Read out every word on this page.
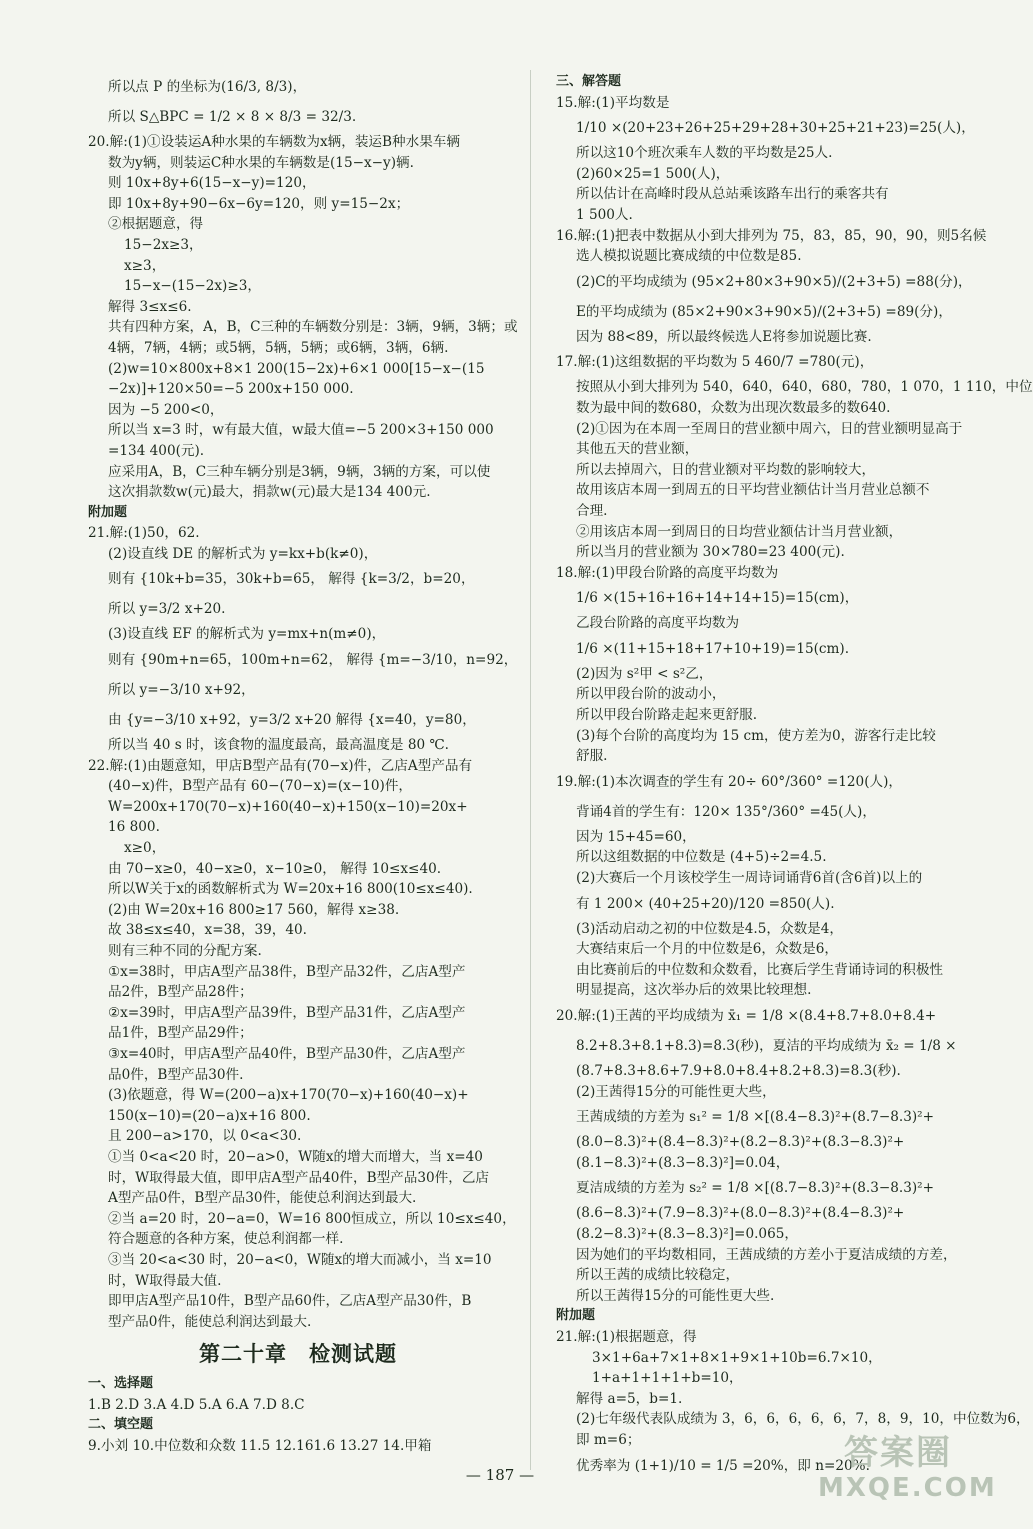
所以点 P 的坐标为(16/3, 8/3)，
所以 S△BPC = 1/2 × 8 × 8/3 = 32/3.
20.解:(1)①设装运A种水果的车辆数为x辆，装运B种水果车辆
数为y辆，则装运C种水果的车辆数是(15−x−y)辆.
则 10x+8y+6(15−x−y)=120，
即 10x+8y+90−6x−6y=120，则 y=15−2x；
②根据题意，得
15−2x≥3，
x≥3，
15−x−(15−2x)≥3，
解得 3≤x≤6.
共有四种方案，A，B，C三种的车辆数分别是：3辆，9辆，3辆；或
4辆，7辆，4辆；或5辆，5辆，5辆；或6辆，3辆，6辆.
(2)w=10×800x+8×1 200(15−2x)+6×1 000[15−x−(15
−2x)]+120×50=−5 200x+150 000.
因为 −5 200<0，
所以当 x=3 时，w有最大值，w最大值=−5 200×3+150 000
=134 400(元).
应采用A，B，C三种车辆分别是3辆，9辆，3辆的方案，可以使
这次捐款数w(元)最大，捐款w(元)最大是134 400元.
附加题
21.解:(1)50，62.
(2)设直线 DE 的解析式为 y=kx+b(k≠0)，
则有 {10k+b=35，30k+b=65， 解得 {k=3/2，b=20，
所以 y=3/2 x+20.
(3)设直线 EF 的解析式为 y=mx+n(m≠0)，
则有 {90m+n=65，100m+n=62， 解得 {m=−3/10，n=92，
所以 y=−3/10 x+92，
由 {y=−3/10 x+92，y=3/2 x+20 解得 {x=40，y=80，
所以当 40 s 时，该食物的温度最高，最高温度是 80 ℃.
22.解:(1)由题意知，甲店B型产品有(70−x)件，乙店A型产品有
(40−x)件，B型产品有 60−(70−x)=(x−10)件，
W=200x+170(70−x)+160(40−x)+150(x−10)=20x+
16 800.
x≥0，
由 70−x≥0，40−x≥0，x−10≥0， 解得 10≤x≤40.
所以W关于x的函数解析式为 W=20x+16 800(10≤x≤40).
(2)由 W=20x+16 800≥17 560，解得 x≥38.
故 38≤x≤40，x=38，39，40.
则有三种不同的分配方案.
①x=38时，甲店A型产品38件，B型产品32件，乙店A型产
品2件，B型产品28件；
②x=39时，甲店A型产品39件，B型产品31件，乙店A型产
品1件，B型产品29件；
③x=40时，甲店A型产品40件，B型产品30件，乙店A型产
品0件，B型产品30件.
(3)依题意，得 W=(200−a)x+170(70−x)+160(40−x)+
150(x−10)=(20−a)x+16 800.
且 200−a>170，以 0<a<30.
①当 0<a<20 时，20−a>0，W随x的增大而增大，当 x=40
时，W取得最大值，即甲店A型产品40件，B型产品30件，乙店
A型产品0件，B型产品30件，能使总利润达到最大.
②当 a=20 时，20−a=0，W=16 800恒成立，所以 10≤x≤40，
符合题意的各种方案，使总利润都一样.
③当 20<a<30 时，20−a<0，W随x的增大而减小，当 x=10
时，W取得最大值.
即甲店A型产品10件，B型产品60件，乙店A型产品30件，B
型产品0件，能使总利润达到最大.
第二十章　检测试题
一、选择题
1.B 2.D 3.A 4.D 5.A 6.A 7.D 8.C
二、填空题
9.小刘 10.中位数和众数 11.5 12.161.6 13.27 14.甲箱
三、解答题
15.解:(1)平均数是
1/10 ×(20+23+26+25+29+28+30+25+21+23)=25(人)，
所以这10个班次乘车人数的平均数是25人.
(2)60×25=1 500(人)，
所以估计在高峰时段从总站乘该路车出行的乘客共有
1 500人.
16.解:(1)把表中数据从小到大排列为 75，83，85，90，90，则5名候
选人模拟说题比赛成绩的中位数是85.
(2)C的平均成绩为 (95×2+80×3+90×5)/(2+3+5) =88(分)，
E的平均成绩为 (85×2+90×3+90×5)/(2+3+5) =89(分)，
因为 88<89，所以最终候选人E将参加说题比赛.
17.解:(1)这组数据的平均数为 5 460/7 =780(元)，
按照从小到大排列为 540，640，640，680，780，1 070，1 110，中位
数为最中间的数680，众数为出现次数最多的数640.
(2)①因为在本周一至周日的营业额中周六，日的营业额明显高于
其他五天的营业额，
所以去掉周六，日的营业额对平均数的影响较大，
故用该店本周一到周五的日平均营业额估计当月营业总额不
合理.
②用该店本周一到周日的日均营业额估计当月营业额，
所以当月的营业额为 30×780=23 400(元).
18.解:(1)甲段台阶路的高度平均数为
1/6 ×(15+16+16+14+14+15)=15(cm)，
乙段台阶路的高度平均数为
1/6 ×(11+15+18+17+10+19)=15(cm).
(2)因为 s²甲 < s²乙，
所以甲段台阶的波动小，
所以甲段台阶路走起来更舒服.
(3)每个台阶的高度均为 15 cm，使方差为0，游客行走比较
舒服.
19.解:(1)本次调查的学生有 20÷ 60°/360° =120(人)，
背诵4首的学生有：120× 135°/360° =45(人)，
因为 15+45=60，
所以这组数据的中位数是 (4+5)÷2=4.5.
(2)大赛后一个月该校学生一周诗词诵背6首(含6首)以上的
有 1 200× (40+25+20)/120 =850(人).
(3)活动启动之初的中位数是4.5，众数是4，
大赛结束后一个月的中位数是6，众数是6，
由比赛前后的中位数和众数看，比赛后学生背诵诗词的积极性
明显提高，这次举办后的效果比较理想.
20.解:(1)王茜的平均成绩为 x̄₁ = 1/8 ×(8.4+8.7+8.0+8.4+
8.2+8.3+8.1+8.3)=8.3(秒)，夏洁的平均成绩为 x̄₂ = 1/8 ×
(8.7+8.3+8.6+7.9+8.0+8.4+8.2+8.3)=8.3(秒).
(2)王茜得15分的可能性更大些，
王茜成绩的方差为 s₁² = 1/8 ×[(8.4−8.3)²+(8.7−8.3)²+
(8.0−8.3)²+(8.4−8.3)²+(8.2−8.3)²+(8.3−8.3)²+
(8.1−8.3)²+(8.3−8.3)²]=0.04，
夏洁成绩的方差为 s₂² = 1/8 ×[(8.7−8.3)²+(8.3−8.3)²+
(8.6−8.3)²+(7.9−8.3)²+(8.0−8.3)²+(8.4−8.3)²+
(8.2−8.3)²+(8.3−8.3)²]=0.065，
因为她们的平均数相同，王茜成绩的方差小于夏洁成绩的方差，
所以王茜的成绩比较稳定，
所以王茜得15分的可能性更大些.
附加题
21.解:(1)根据题意，得
3×1+6a+7×1+8×1+9×1+10b=6.7×10，
1+a+1+1+1+b=10，
解得 a=5，b=1.
(2)七年级代表队成绩为 3，6，6，6，6，6，7，8，9，10，中位数为6，
即 m=6；
优秀率为 (1+1)/10 = 1/5 =20%，即 n=20%.
— 187 —
答案圈
MXQE.COM
